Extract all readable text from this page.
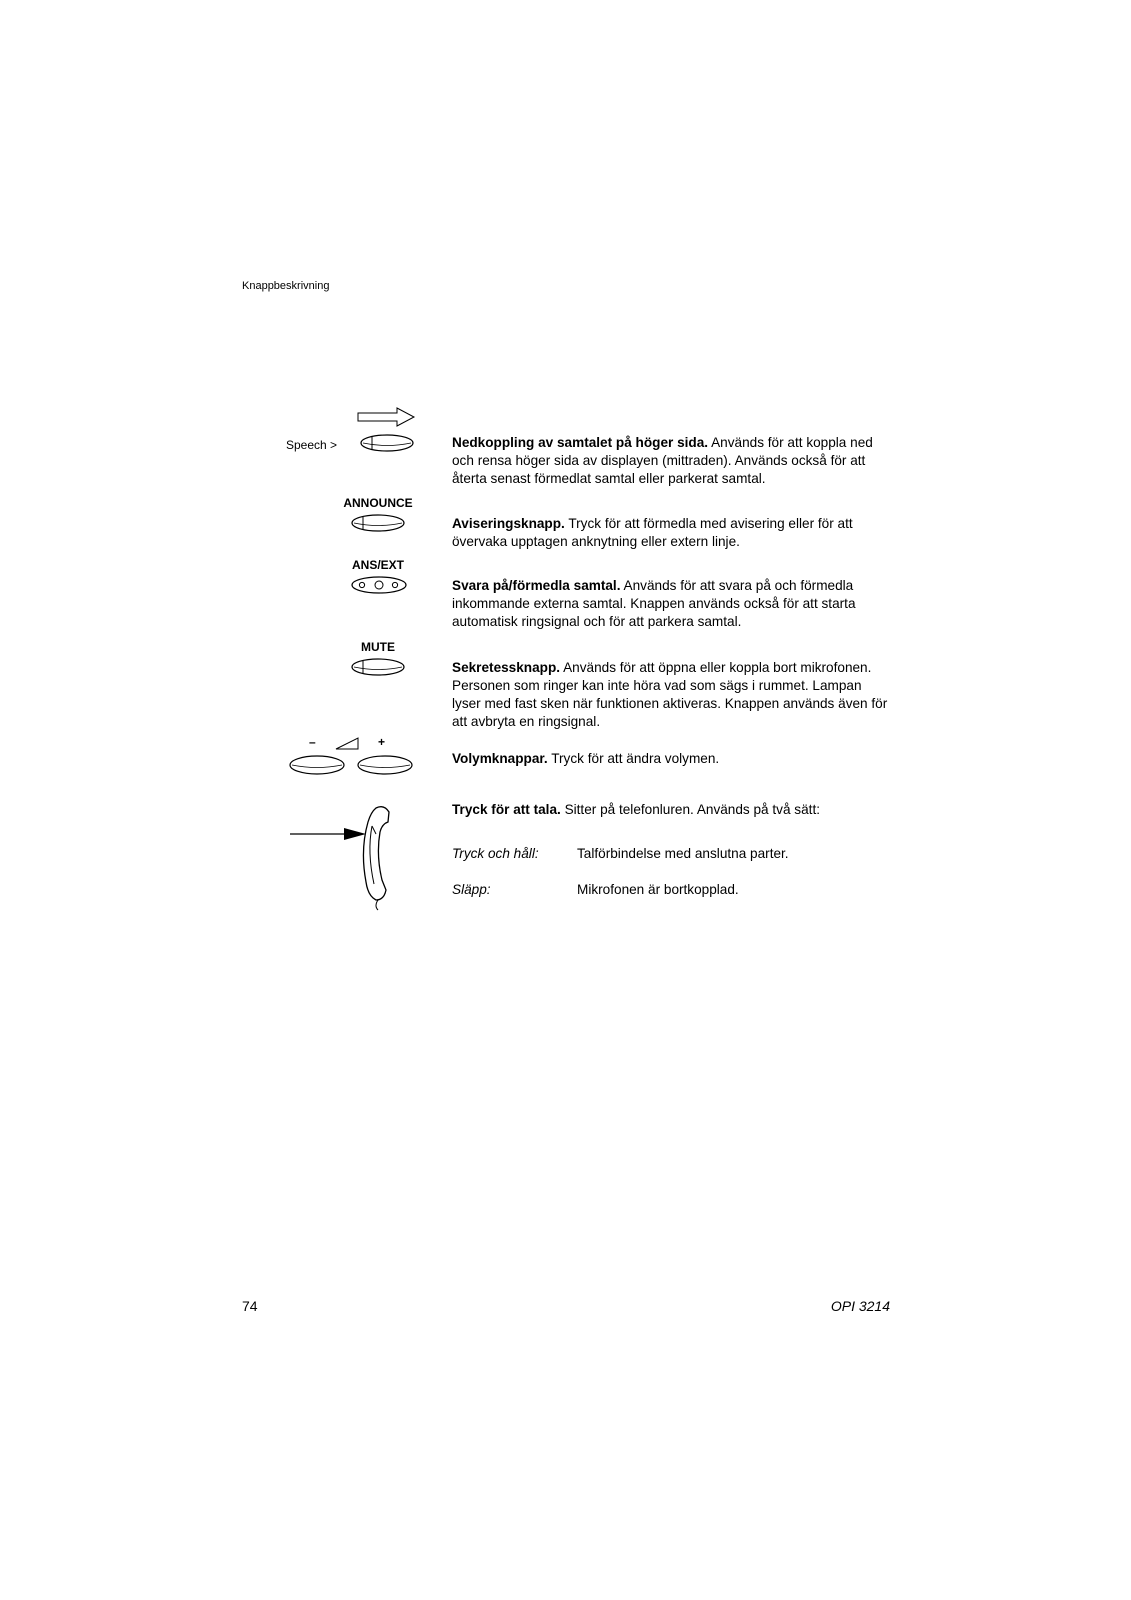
Knappbeskrivning
Speech >	Nedkoppling av samtalet på höger sida. Används för att koppla ned och rensa höger sida av displayen (mittraden). Används också för att återta senast förmedlat samtal eller parkerat samtal.
ANNOUNCE
Aviseringsknapp. Tryck för att förmedla med avisering eller för att övervaka upptagen anknytning eller extern linje.
ANS/EXT
Svara på/förmedla samtal. Används för att svara på och förmedla inkommande externa samtal. Knappen används också för att starta automatisk ringsignal och för att parkera samtal.
MUTE
Sekretessknapp. Används för att öppna eller koppla bort mikrofonen. Personen som ringer kan inte höra vad som sägs i rummet. Lampan lyser med fast sken när funktionen aktiveras. Knappen används även för att avbryta en ringsignal.
–	+
Volymknappar. Tryck för att ändra volymen.
Tryck för att tala. Sitter på telefonluren. Används på två sätt:
Tryck och håll:	Talförbindelse med anslutna parter.
Släpp:	Mikrofonen är bortkopplad.
74	OPI 3214
